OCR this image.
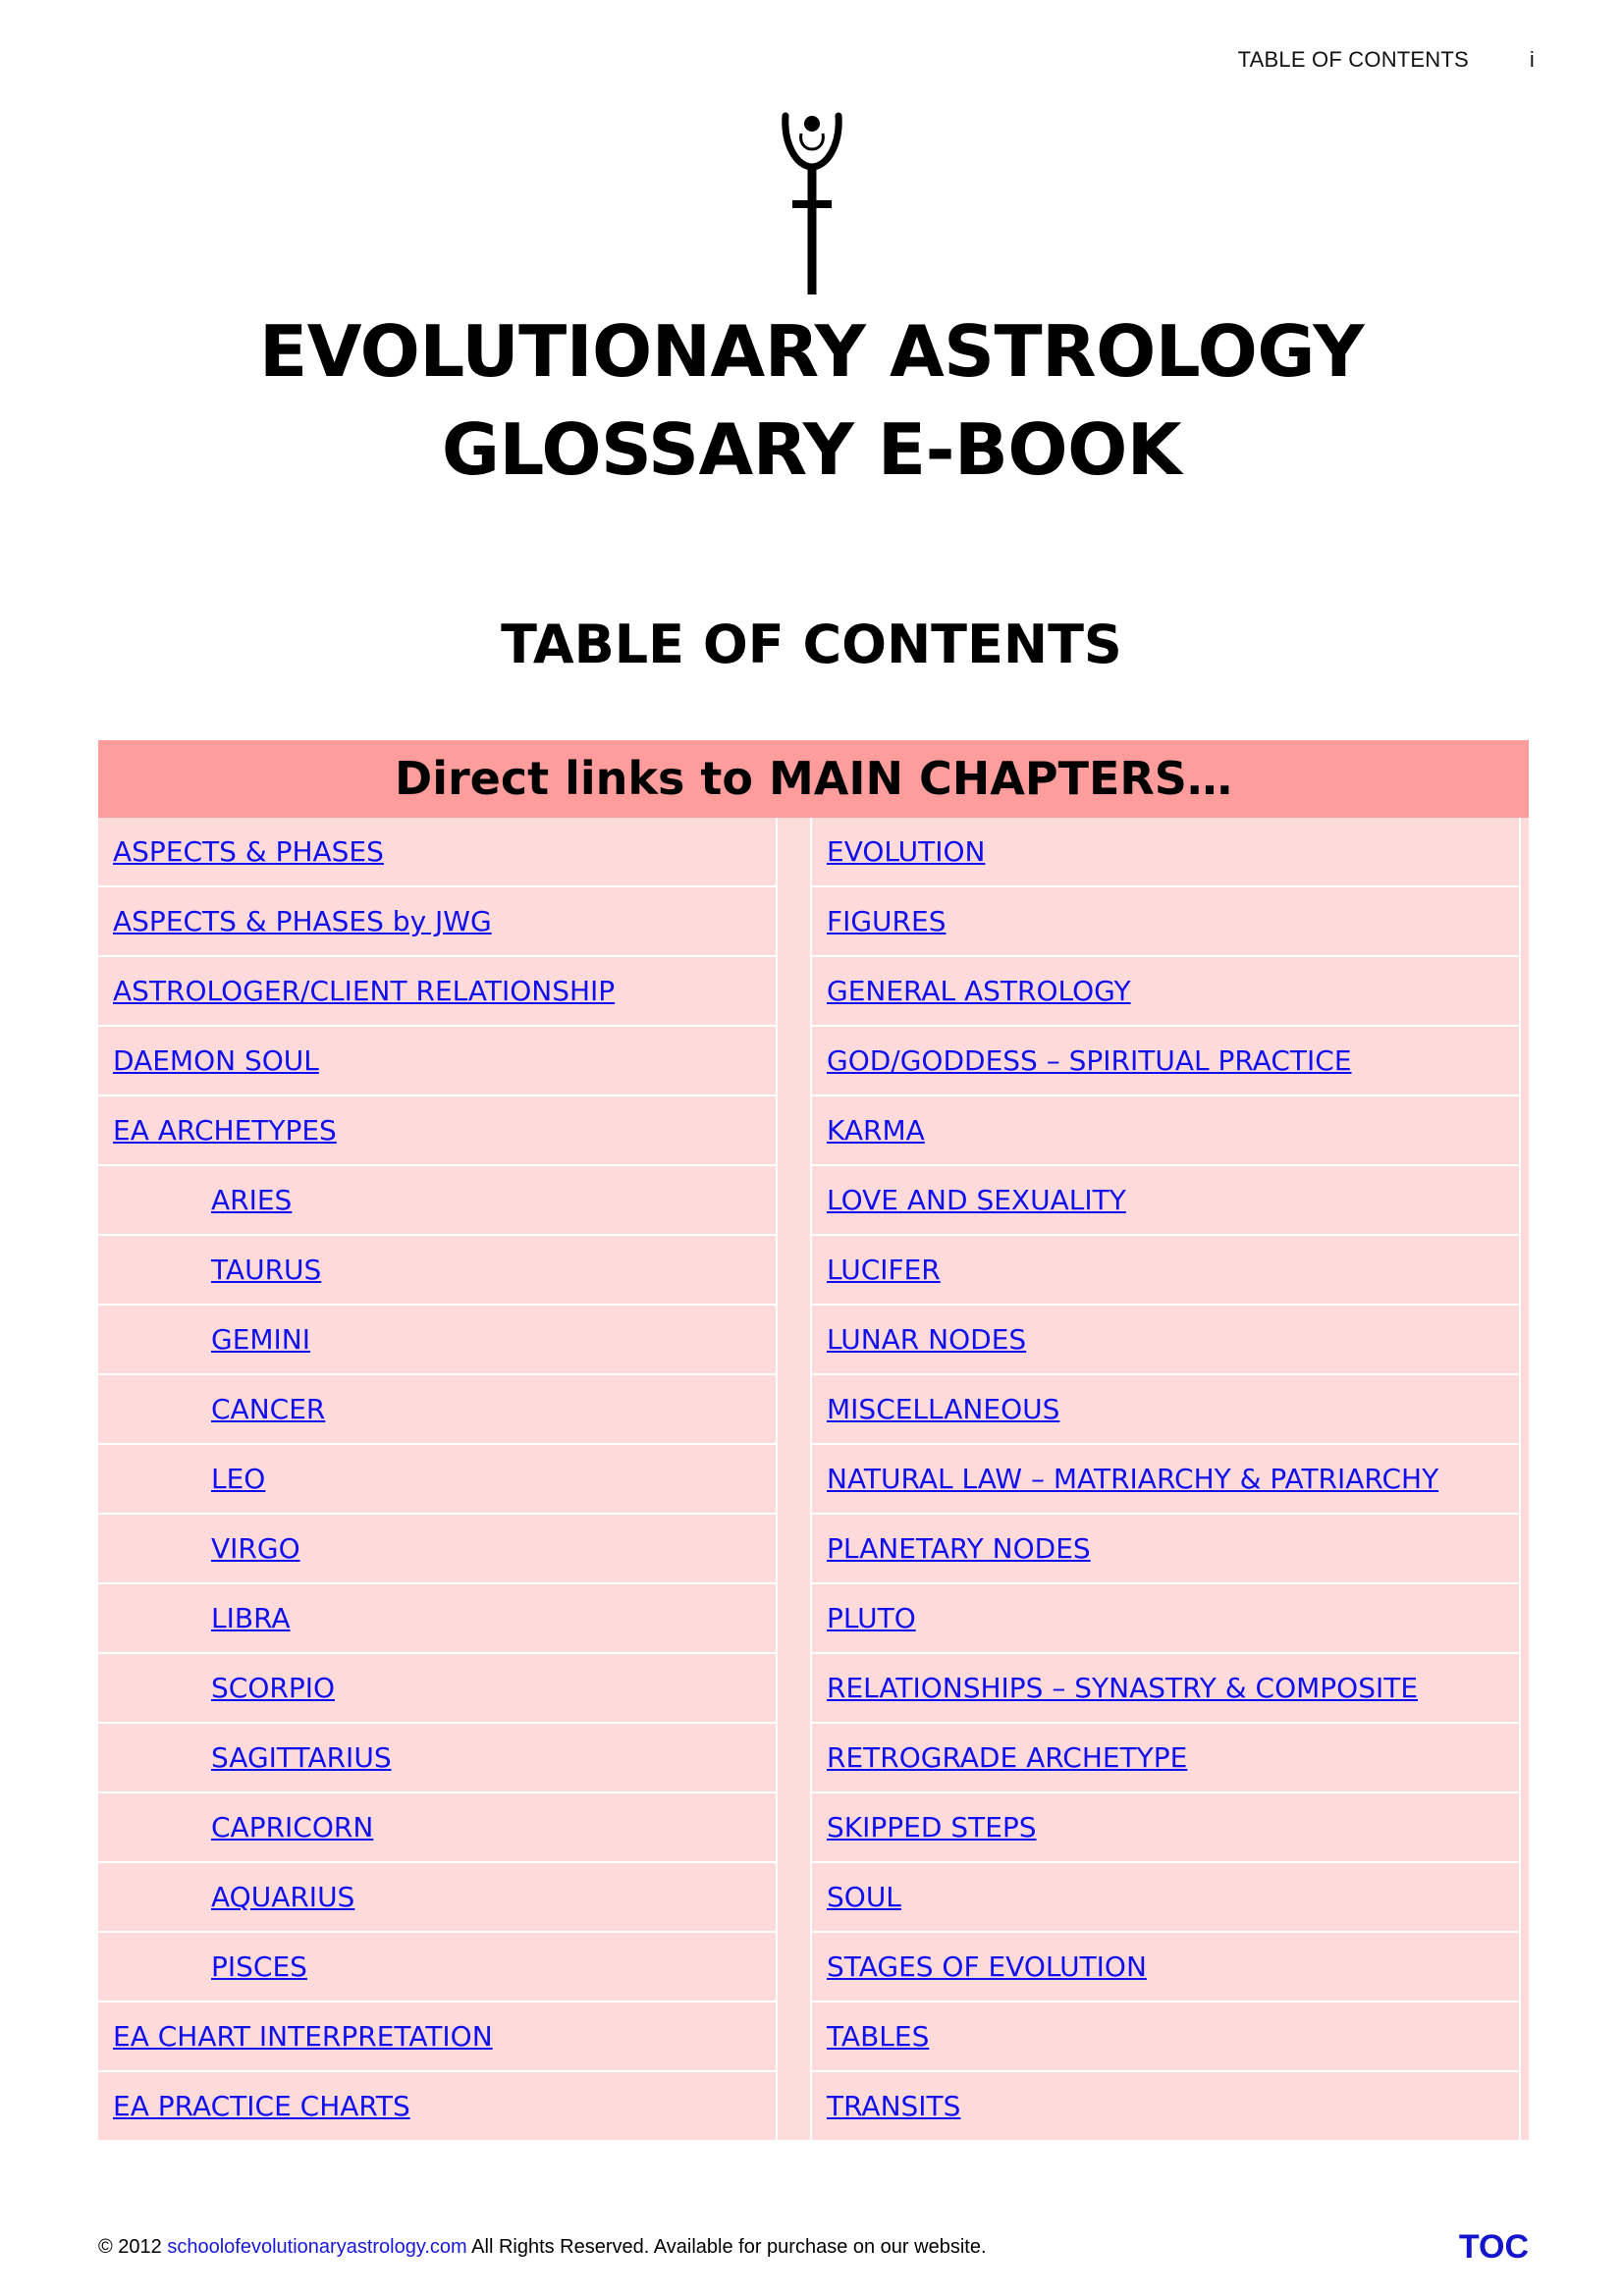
TABLE OF CONTENTS	i
EVOLUTIONARY ASTROLOGY
GLOSSARY E-BOOK
TABLE OF CONTENTS
Direct links to MAIN CHAPTERS…
ASPECTS & PHASES
ASPECTS & PHASES by JWG
ASTROLOGER/CLIENT RELATIONSHIP
DAEMON SOUL
EA ARCHETYPES
ARIES
TAURUS
GEMINI
CANCER
LEO
VIRGO
LIBRA
SCORPIO
SAGITTARIUS
CAPRICORN
AQUARIUS
PISCES
EA CHART INTERPRETATION
EA PRACTICE CHARTS
EVOLUTION
FIGURES
GENERAL ASTROLOGY
GOD/GODDESS – SPIRITUAL PRACTICE
KARMA
LOVE AND SEXUALITY
LUCIFER
LUNAR NODES
MISCELLANEOUS
NATURAL LAW – MATRIARCHY & PATRIARCHY
PLANETARY NODES
PLUTO
RELATIONSHIPS – SYNASTRY & COMPOSITE
RETROGRADE ARCHETYPE
SKIPPED STEPS
SOUL
STAGES OF EVOLUTION
TABLES
TRANSITS
© 2012 schoolofevolutionaryastrology.com All Rights Reserved. Available for purchase on our website.	TOC
